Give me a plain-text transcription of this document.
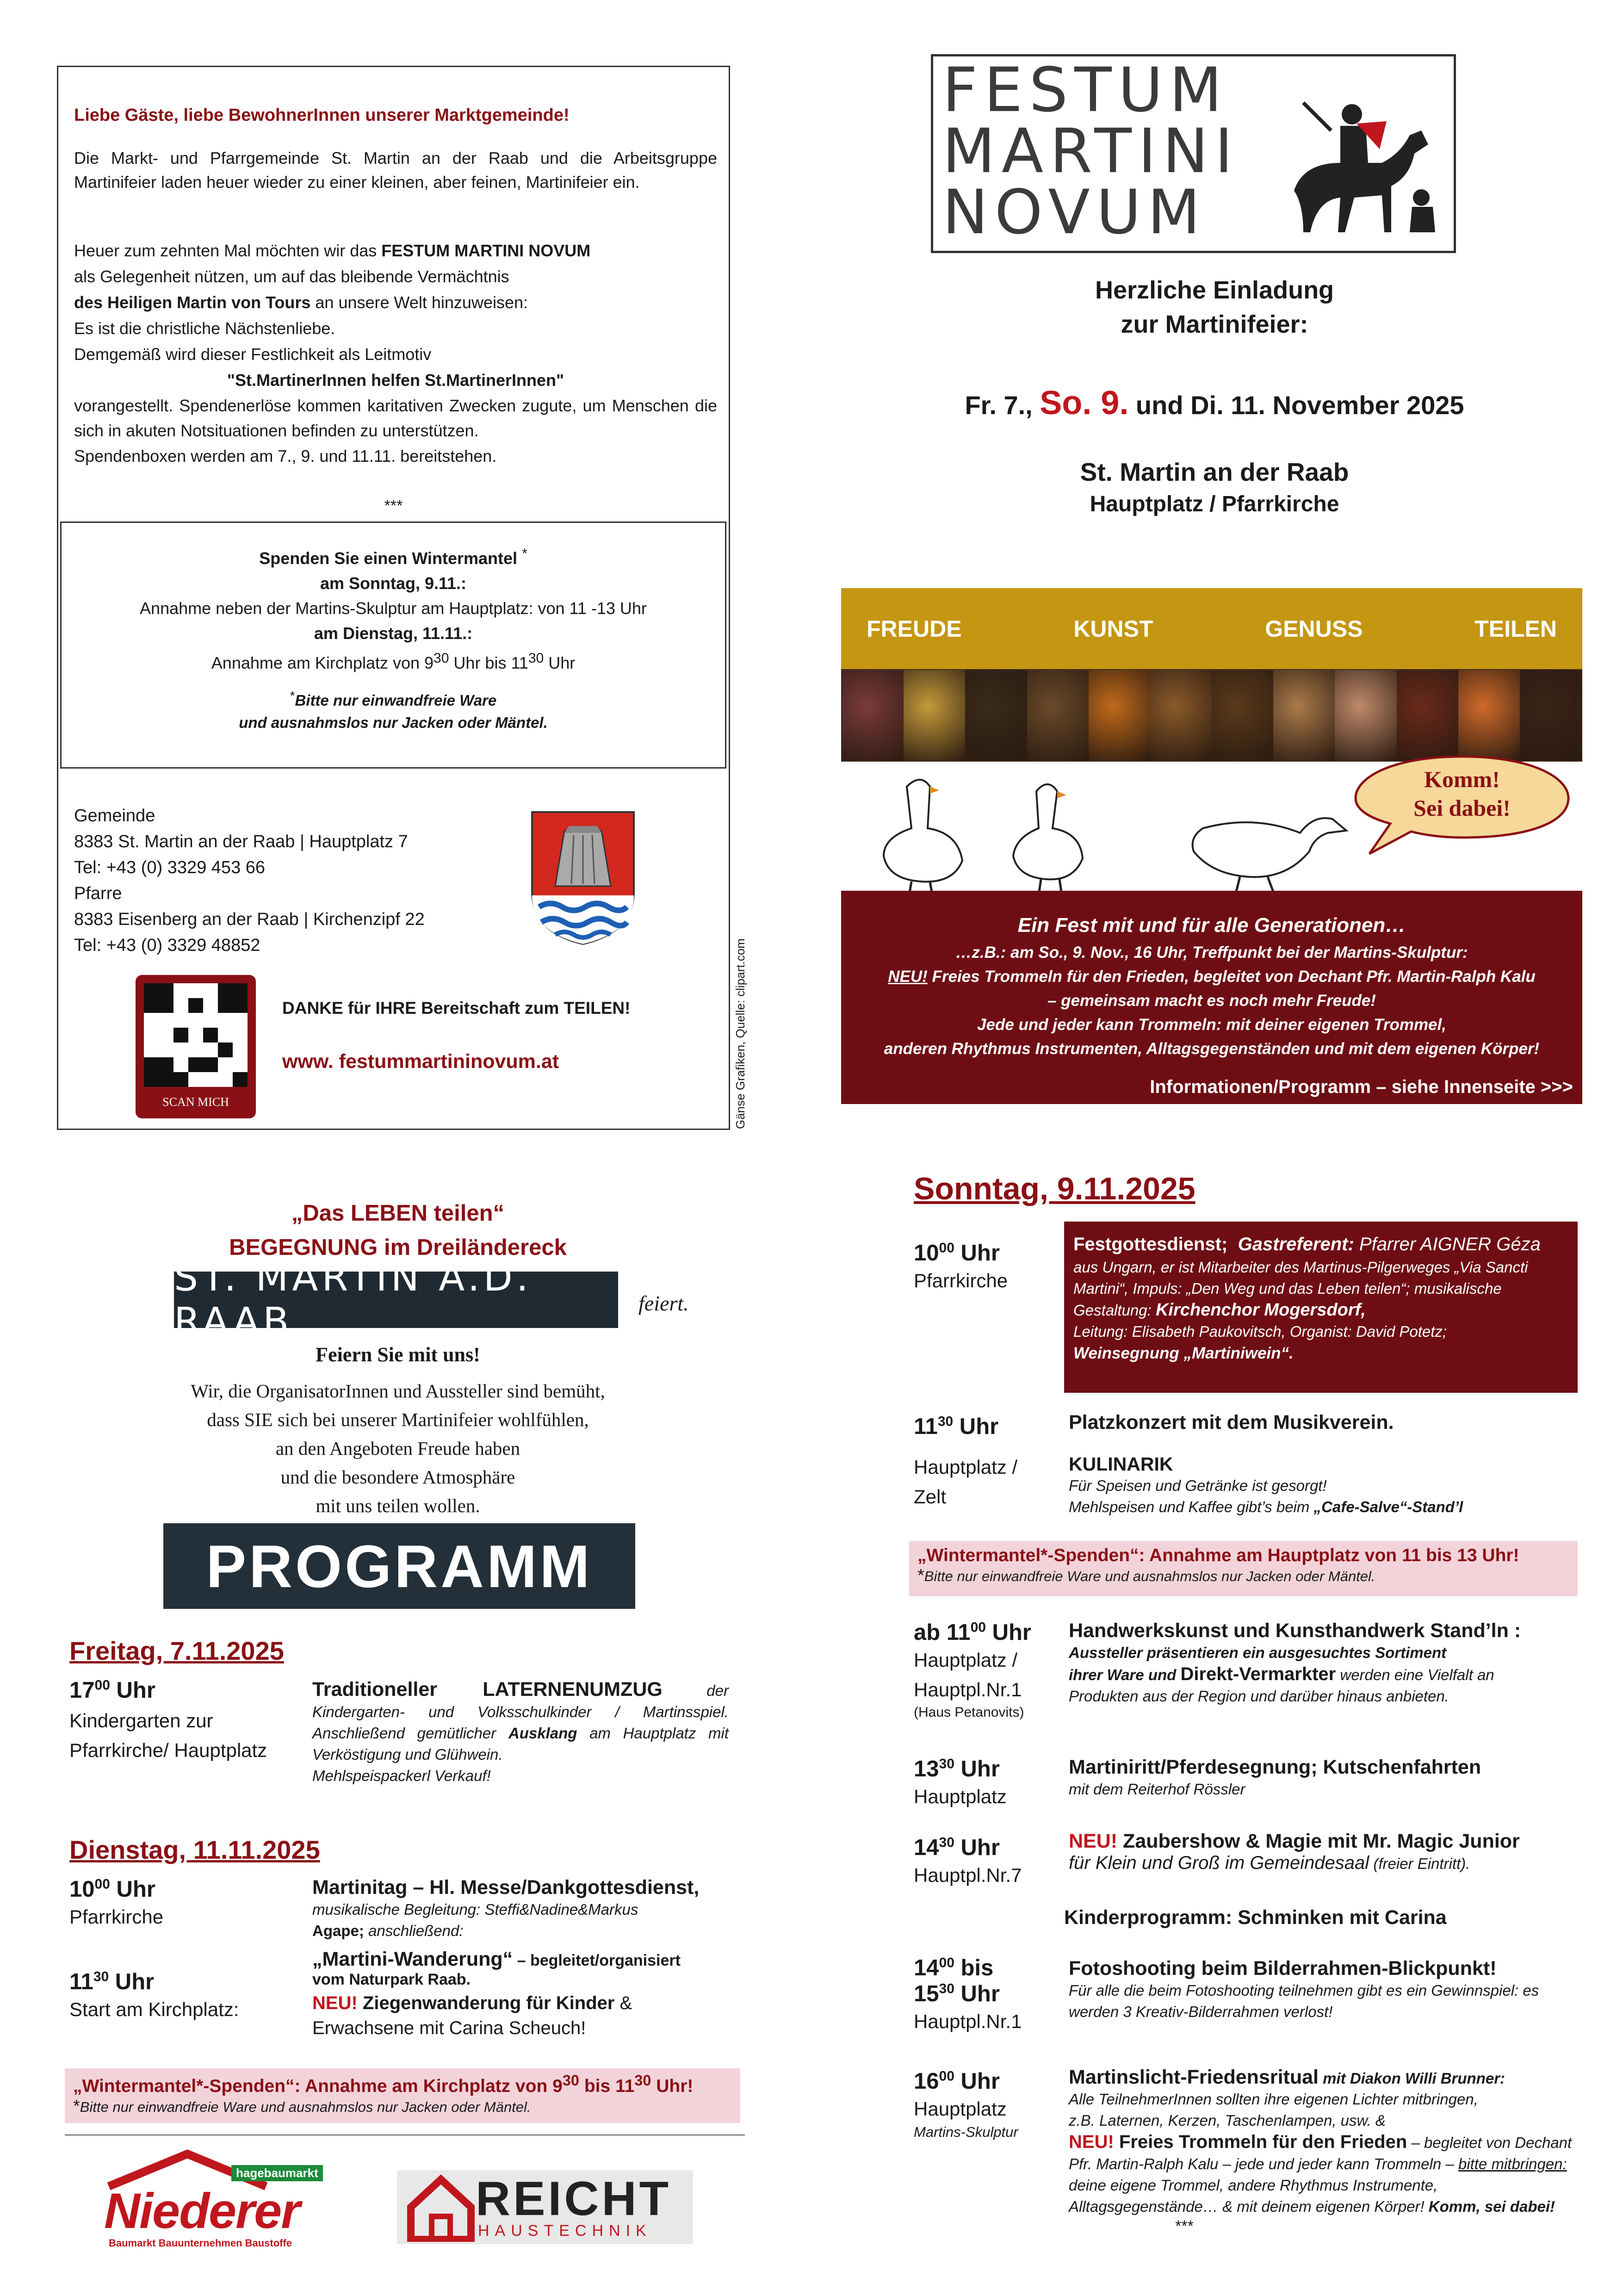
Liebe Gäste, liebe BewohnerInnen unserer Marktgemeinde!
Die Markt- und Pfarrgemeinde St. Martin an der Raab und die Arbeitsgruppe Martinifeier laden heuer wieder zu einer kleinen, aber feinen, Martinifeier ein.
Heuer zum zehnten Mal möchten wir das FESTUM MARTINI NOVUM
als Gelegenheit nützen, um auf das bleibende Vermächtnis
des Heiligen Martin von Tours an unsere Welt hinzuweisen:
Es ist die christliche Nächstenliebe.
Demgemäß wird dieser Festlichkeit als Leitmotiv
"St.MartinerInnen helfen St.MartinerInnen"
vorangestellt. Spendenerlöse kommen karitativen Zwecken zugute, um Menschen die sich in akuten Notsituationen befinden zu unterstützen.
Spendenboxen werden am 7., 9. und 11.11. bereitstehen.
***
Spenden Sie einen Wintermantel *
am Sonntag, 9.11.:
Annahme neben der Martins-Skulptur am Hauptplatz: von 11 -13 Uhr
am Dienstag, 11.11.:
Annahme am Kirchplatz von $9^{30}$ Uhr bis $11^{30}$ Uhr
*Bitte nur einwandfreie Ware
und ausnahmslos nur Jacken oder Mäntel.
Gemeinde
8383 St. Martin an der Raab | Hauptplatz 7
Tel: +43 (0) 3329 453 66
Pfarre
8383 Eisenberg an der Raab | Kirchenzipf 22
Tel: +43 (0) 3329 48852
SCAN MICH
DANKE für IHRE Bereitschaft zum TEILEN!
www. festummartininovum.at	Gänse Grafiken, Quelle: clipart.com
FESTUM
MARTINI
NOVUM
Herzliche Einladung
zur Martinifeier:
Fr. 7., So. 9. und Di. 11. November 2025
St. Martin an der Raab
Hauptplatz / Pfarrkirche
FREUDE	KUNST	GENUSS	TEILEN
Komm!
Sei dabei!
Ein Fest mit und für alle Generationen…
…z.B.: am So., 9. Nov., 16 Uhr, Treffpunkt bei der Martins-Skulptur:
NEU! Freies Trommeln für den Frieden, begleitet von Dechant Pfr. Martin-Ralph Kalu
– gemeinsam macht es noch mehr Freude!
Jede und jeder kann Trommeln: mit deiner eigenen Trommel,
anderen Rhythmus Instrumenten, Alltagsgegenständen und mit dem eigenen Körper!
Informationen/Programm – siehe Innenseite >>>
„Das LEBEN teilen“
BEGEGNUNG im Dreiländereck
ST. MARTIN A.D. RAAB	feiert.
Feiern Sie mit uns!
Wir, die OrganisatorInnen und Aussteller sind bemüht,
dass SIE sich bei unserer Martinifeier wohlfühlen,
an den Angeboten Freude haben
und die besondere Atmosphäre
mit uns teilen wollen.
PROGRAMM
Freitag, 7.11.2025
$17^{00}$ Uhr
Kindergarten zur Pfarrkirche/ Hauptplatz
Traditioneller LATERNENUMZUG der Kindergarten- und Volksschulkinder / Martinsspiel. Anschließend gemütlicher Ausklang am Hauptplatz mit Verköstigung und Glühwein.
Mehlspeispackerl Verkauf!
Dienstag, 11.11.2025
$10^{00}$ Uhr
Pfarrkirche
Martinitag – Hl. Messe/Dankgottesdienst,
musikalische Begleitung: Steffi&Nadine&Markus
Agape; anschließend:
$11^{30}$ Uhr
Start am Kirchplatz:
„Martini-Wanderung“ – begleitet/organisiert vom Naturpark Raab.
NEU! Ziegenwanderung für Kinder & Erwachsene mit Carina Scheuch!
„Wintermantel*-Spenden“: Annahme am Kirchplatz von $9^{30}$ bis $11^{30}$ Uhr!
*Bitte nur einwandfreie Ware und ausnahmslos nur Jacken oder Mäntel.
hagebaumarkt
Niederer
Baumarkt Bauunternehmen Baustoffe
REICHT
HAUSTECHNIK
Sonntag, 9.11.2025
$10^{00}$ Uhr
Pfarrkirche
Festgottesdienst; Gastreferent: Pfarrer AIGNER Géza
aus Ungarn, er ist Mitarbeiter des Martinus-Pilgerweges „Via Sancti Martini“, Impuls: „Den Weg und das Leben teilen“; musikalische Gestaltung: Kirchenchor Mogersdorf,
Leitung: Elisabeth Paukovitsch, Organist: David Potetz;
Weinsegnung „Martiniwein“.
$11^{30}$ Uhr
Hauptplatz / Zelt
Platzkonzert mit dem Musikverein.
KULINARIK
Für Speisen und Getränke ist gesorgt!
Mehlspeisen und Kaffee gibt’s beim „Cafe-Salve“-Stand’l
„Wintermantel*-Spenden“: Annahme am Hauptplatz von 11 bis 13 Uhr!
*Bitte nur einwandfreie Ware und ausnahmslos nur Jacken oder Mäntel.
ab $11^{00}$ Uhr
Hauptplatz /
Hauptpl.Nr.1
(Haus Petanovits)
Handwerkskunst und Kunsthandwerk Stand’ln :
Aussteller präsentieren ein ausgesuchtes Sortiment
ihrer Ware und Direkt-Vermarkter werden eine Vielfalt an
Produkten aus der Region und darüber hinaus anbieten.
$13^{30}$ Uhr
Hauptplatz
Martiniritt/Pferdesegnung; Kutschenfahrten
mit dem Reiterhof Rössler
$14^{30}$ Uhr
Hauptpl.Nr.7
NEU! Zaubershow & Magie mit Mr. Magic Junior
für Klein und Groß im Gemeindesaal (freier Eintritt).
Kinderprogramm: Schminken mit Carina
$14^{00}$ bis
$15^{30}$ Uhr
Hauptpl.Nr.1
Fotoshooting beim Bilderrahmen-Blickpunkt!
Für alle die beim Fotoshooting teilnehmen gibt es ein Gewinnspiel: es werden 3 Kreativ-Bilderrahmen verlost!
$16^{00}$ Uhr
Hauptplatz
Martins-Skulptur
Martinslicht-Friedensritual mit Diakon Willi Brunner:
Alle TeilnehmerInnen sollten ihre eigenen Lichter mitbringen,
z.B. Laternen, Kerzen, Taschenlampen, usw. &
NEU! Freies Trommeln für den Frieden – begleitet von Dechant Pfr. Martin-Ralph Kalu – jede und jeder kann Trommeln – bitte mitbringen: deine eigene Trommel, andere Rhythmus Instrumente, Alltagsgegenstände… & mit deinem eigenen Körper! Komm, sei dabei!
***
